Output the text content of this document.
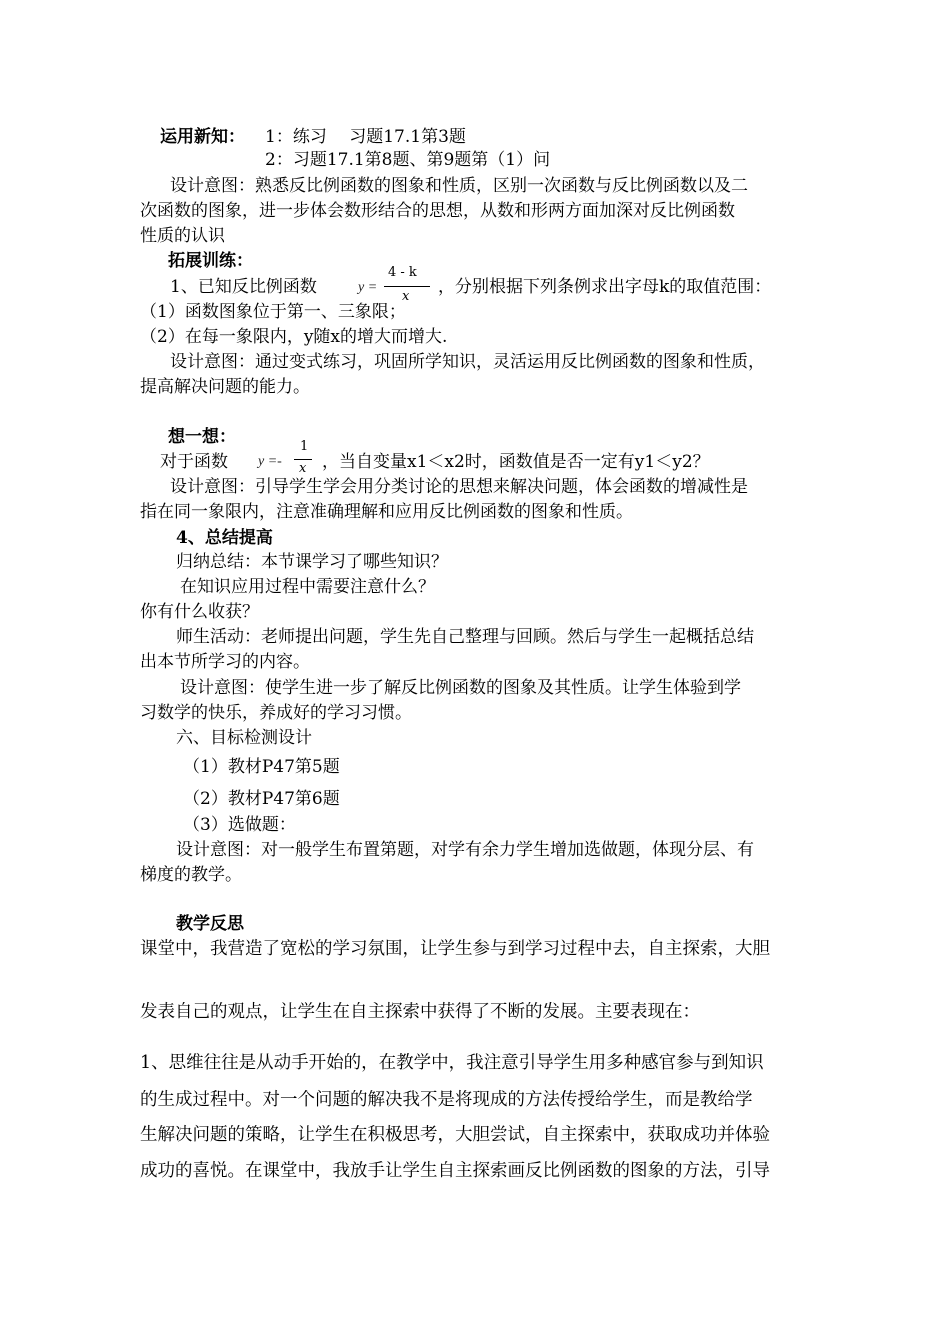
运用新知： 1：练习　 习题17.1第3题
2：习题17.1第8题、第9题第（1）问
设计意图：熟悉反比例函数的图象和性质，区别一次函数与反比例函数以及二
次函数的图象，进一步体会数形结合的思想，从数和形两方面加深对反比例函数
性质的认识
拓展训练：
1、已知反比例函数	y =
4 - k
x ，分别根据下列条例求出字母k的取值范围：
（1）函数图象位于第一、三象限；
（2）在每一象限内，y随x的增大而增大.
设计意图：通过变式练习，巩固所学知识，灵活运用反比例函数的图象和性质，
提高解决问题的能力。
想一想：
对于函数 y =-
1
x ，当自变量x1＜x2时，函数值是否一定有y1＜y2？
设计意图：引导学生学会用分类讨论的思想来解决问题，体会函数的增减性是
指在同一象限内，注意准确理解和应用反比例函数的图象和性质。
4、总结提高
归纳总结：本节课学习了哪些知识？
在知识应用过程中需要注意什么？
你有什么收获？
师生活动：老师提出问题，学生先自己整理与回顾。然后与学生一起概括总结
出本节所学习的内容。
设计意图：使学生进一步了解反比例函数的图象及其性质。让学生体验到学
习数学的快乐，养成好的学习习惯。
六、目标检测设计
（1）教材P47第5题
（2）教材P47第6题
（3）选做题：
设计意图：对一般学生布置第题，对学有余力学生增加选做题，体现分层、有
梯度的教学。
教学反思
课堂中，我营造了宽松的学习氛围，让学生参与到学习过程中去，自主探索，大胆
发表自己的观点，让学生在自主探索中获得了不断的发展。主要表现在：
1、思维往往是从动手开始的，在教学中，我注意引导学生用多种感官参与到知识
的生成过程中。对一个问题的解决我不是将现成的方法传授给学生，而是教给学
生解决问题的策略，让学生在积极思考，大胆尝试，自主探索中，获取成功并体验
成功的喜悦。在课堂中，我放手让学生自主探索画反比例函数的图象的方法，引导
